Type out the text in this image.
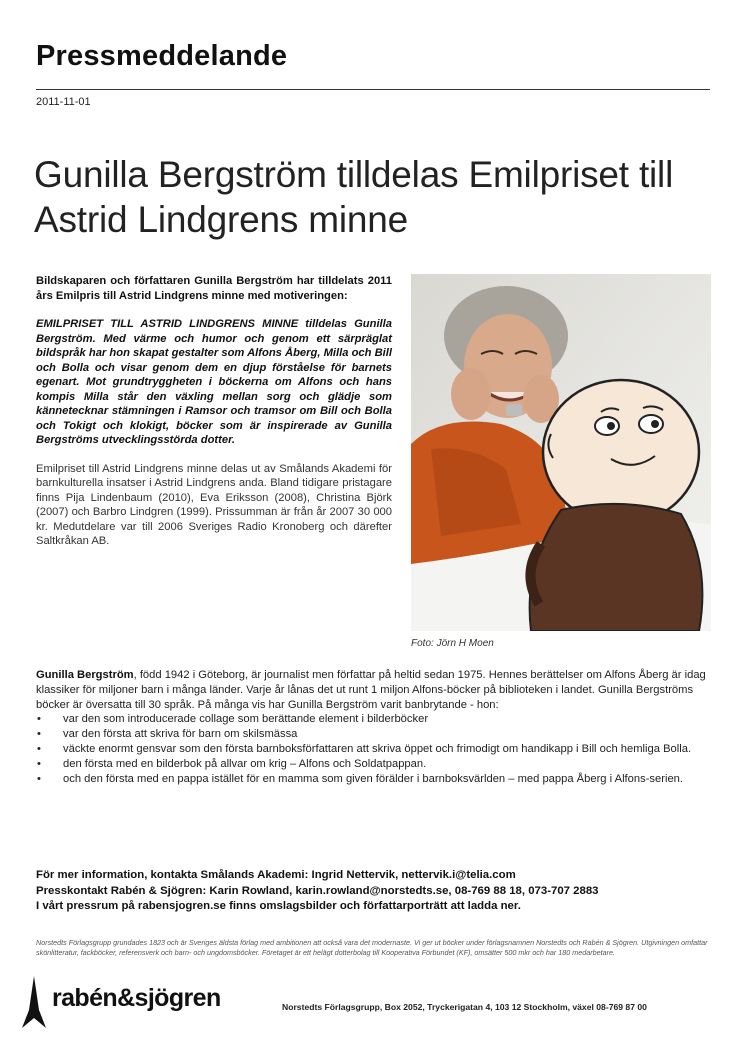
Pressmeddelande
2011-11-01
Gunilla Bergström tilldelas Emilpriset till Astrid Lindgrens minne

Bildskaparen och författaren Gunilla Bergström har tilldelats 2011 års Emilpris till Astrid Lindgrens minne med motiveringen:

EMILPRISET TILL ASTRID LINDGRENS MINNE tilldelas Gunilla Bergström. Med värme och humor och genom ett särpräglat bildspråk har hon skapat gestalter som Alfons Åberg, Milla och Bill och Bolla och visar genom dem en djup förståelse för barnets egenart. Mot grundtryggheten i böckerna om Alfons och hans kompis Milla står den växling mellan sorg och glädje som kännetecknar stämningen i Ramsor och tramsor om Bill och Bolla och Tokigt och klokigt, böcker som är inspirerade av Gunilla Bergströms utvecklingsstörda dotter.

Emilpriset till Astrid Lindgrens minne delas ut av Smålands Akademi för barnkulturella insatser i Astrid Lindgrens anda. Bland tidigare pristagare finns Pija Lindenbaum (2010), Eva Eriksson (2008), Christina Björk (2007) och Barbro Lindgren (1999). Prissumman är från år 2007 30 000 kr. Medutdelare var till 2006 Sveriges Radio Kronoberg och därefter Saltkråkan AB.

Foto: Jörn H Moen

Gunilla Bergström, född 1942 i Göteborg, är journalist men författar på heltid sedan 1975. Hennes berättelser om Alfons Åberg är idag klassiker för miljoner barn i många länder. Varje år lånas det ut runt 1 miljon Alfons-böcker på biblioteken i landet. Gunilla Bergströms böcker är översatta till 30 språk. På många vis har Gunilla Bergström varit banbrytande - hon:

• var den som introducerade collage som berättande element i bilderböcker
• var den första att skriva för barn om skilsmässa
• väckte enormt gensvar som den första barnboksförfattaren att skriva öppet och frimodigt om handikapp i Bill och hemliga Bolla.
• den första med en bilderbok på allvar om krig – Alfons och Soldatpappan.
• och den första med en pappa istället för en mamma som given förälder i barnboksvärlden – med pappa Åberg i Alfons-serien.
För mer information, kontakta Smålands Akademi: Ingrid Nettervik, nettervik.i@telia.com
Presskontakt Rabén & Sjögren: Karin Rowland, karin.rowland@norstedts.se, 08-769 88 18, 073-707 2883
I vårt pressrum på rabensjogren.se finns omslagsbilder och författarporträtt att ladda ner.
Norstedts Förlagsgrupp grundades 1823 och är Sveriges äldsta förlag med ambitionen att också vara det modernaste. Vi ger ut böcker under förlagsnamnen Norstedts och Rabén & Sjögren. Utgivningen omfattar skönlitteratur, fackböcker, referensverk och barn- och ungdomsböcker. Företaget är ett helägt dotterbolag till Kooperativa Förbundet (KF), omsätter 500 mkr och har 180 medarbetare.
rabén&sjögren	Norstedts Förlagsgrupp, Box 2052, Tryckerigatan 4, 103 12 Stockholm, växel 08-769 87 00
